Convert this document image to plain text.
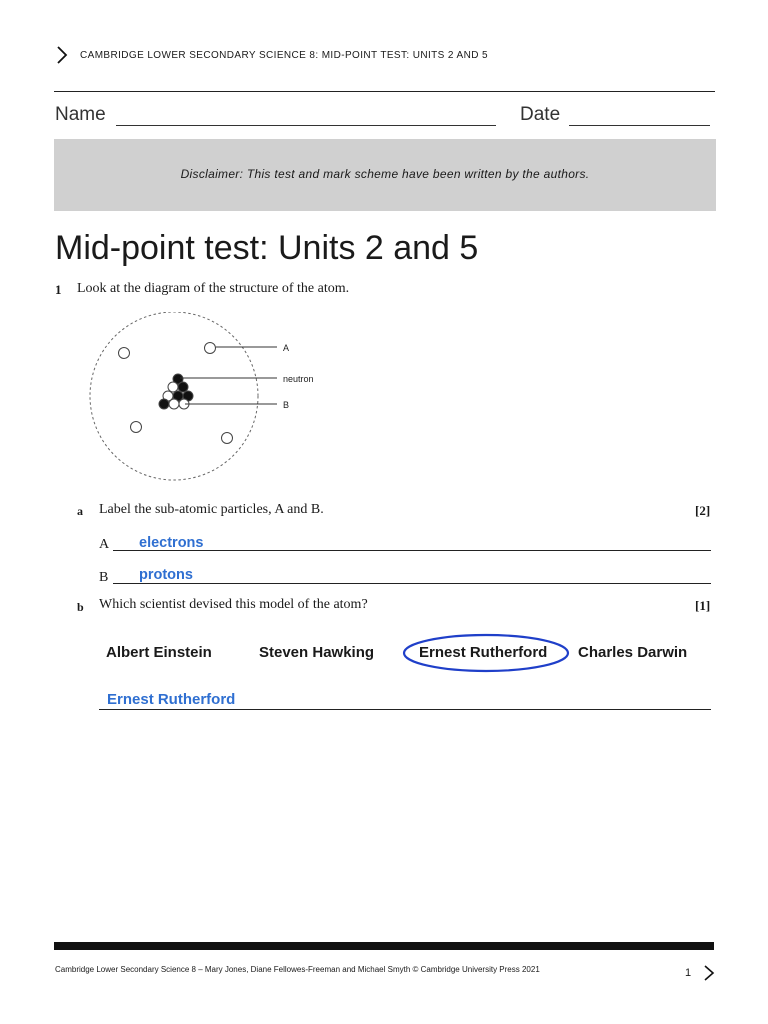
CAMBRIDGE LOWER SECONDARY SCIENCE 8: MID-POINT TEST: UNITS 2 AND 5
Name	Date
Disclaimer: This test and mark scheme have been written by the authors.
Mid-point test: Units 2 and 5
1 Look at the diagram of the structure of the atom.
A
neutron
B
a Label the sub-atomic particles, A and B.	[2]
A electrons
B protons
b Which scientist devised this model of the atom?	[1]
Albert Einstein	Steven Hawking	Ernest Rutherford Charles Darwin
Ernest Rutherford
Cambridge Lower Secondary Science 8 – Mary Jones, Diane Fellowes-Freeman and Michael Smyth © Cambridge University Press 2021	1
